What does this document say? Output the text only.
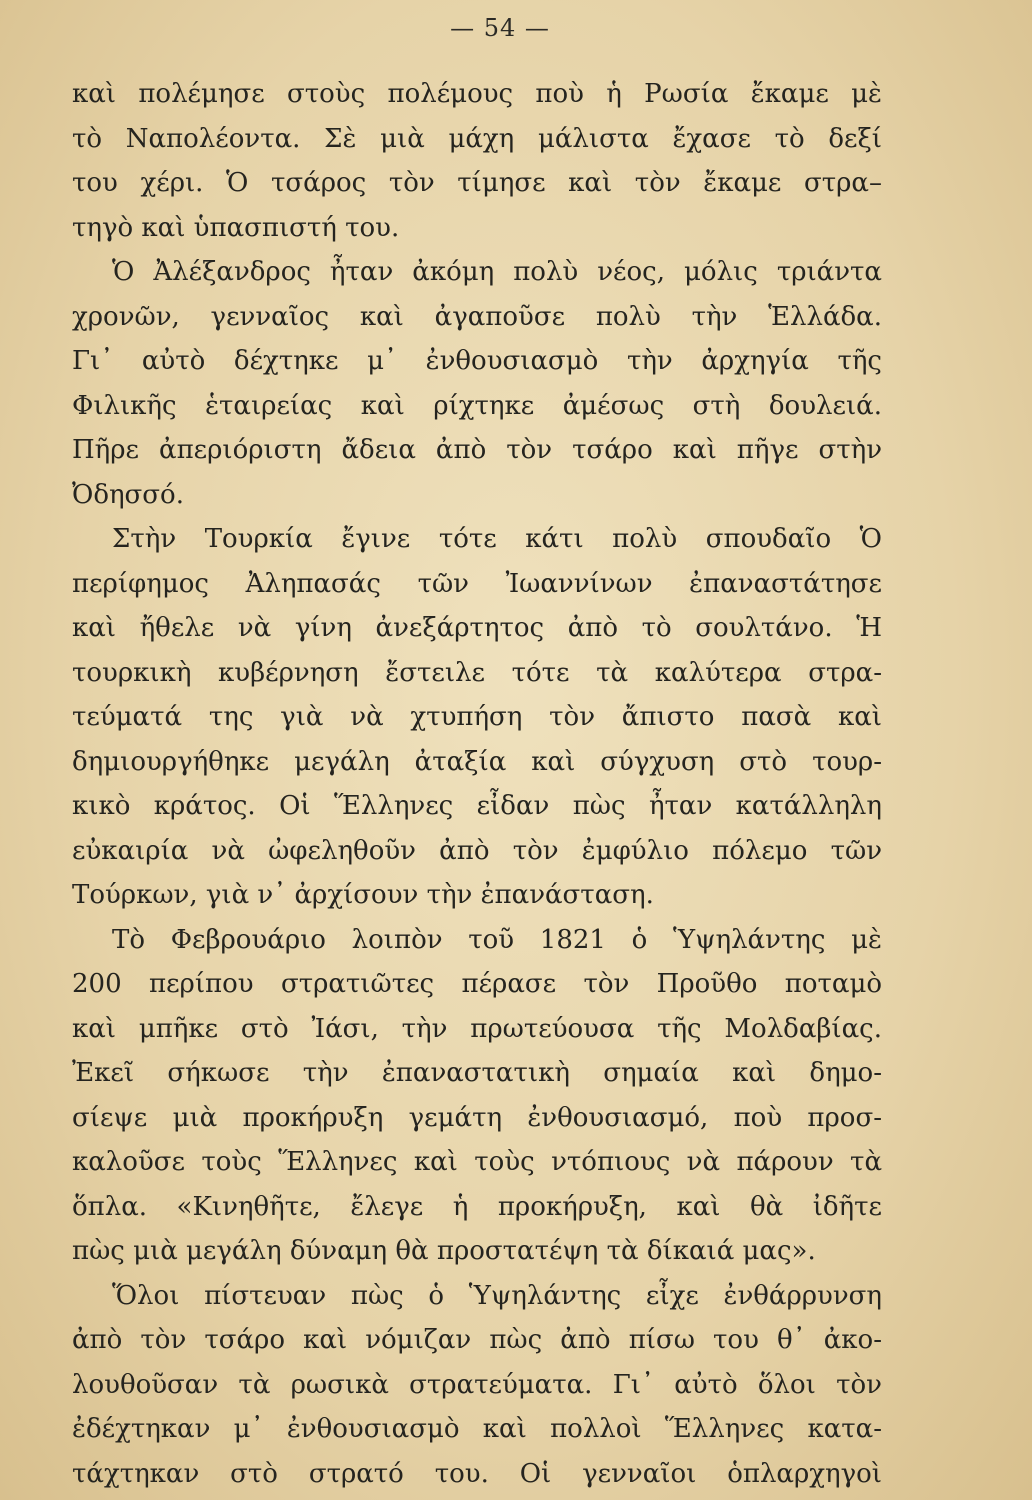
— 54 —
καὶ πολέμησε στοὺς πολέμους ποὺ ἡ Ρωσία ἔκαμε μὲ
τὸ Ναπολέοντα. Σὲ μιὰ μάχη μάλιστα ἔχασε τὸ δεξί
του χέρι. Ὁ τσάρος τὸν τίμησε καὶ τὸν ἔκαμε στρα–
τηγὸ καὶ ὑπασπιστή του.
Ὁ Ἀλέξανδρος ἦταν ἀκόμη πολὺ νέος, μόλις τριάντα
χρονῶν, γενναῖος καὶ ἀγαποῦσε πολὺ τὴν Ἑλλάδα.
Γι᾿ αὐτὸ δέχτηκε μ᾿ ἐνθουσιασμὸ τὴν ἀρχηγία τῆς
Φιλικῆς ἑταιρείας καὶ ρίχτηκε ἀμέσως στὴ δουλειά.
Πῆρε ἀπεριόριστη ἄδεια ἀπὸ τὸν τσάρο καὶ πῆγε στὴν
Ὀδησσό.
Στὴν Τουρκία ἔγινε τότε κάτι πολὺ σπουδαῖο Ὁ
περίφημος Ἀληπασάς τῶν Ἰωαννίνων ἐπαναστάτησε
καὶ ἤθελε νὰ γίνη ἀνεξάρτητος ἀπὸ τὸ σουλτάνο. Ἡ
τουρκικὴ κυβέρνηση ἔστειλε τότε τὰ καλύτερα στρα-
τεύματά της γιὰ νὰ χτυπήση τὸν ἄπιστο πασὰ καὶ
δημιουργήθηκε μεγάλη ἀταξία καὶ σύγχυση στὸ τουρ-
κικὸ κράτος. Οἱ Ἕλληνες εἶδαν πὼς ἦταν κατάλληλη
εὐκαιρία νὰ ὠφεληθοῦν ἀπὸ τὸν ἐμφύλιο πόλεμο τῶν
Τούρκων, γιὰ ν᾿ ἀρχίσουν τὴν ἐπανάσταση.
Τὸ Φεβρουάριο λοιπὸν τοῦ 1821 ὁ Ὑψηλάντης μὲ
200 περίπου στρατιῶτες πέρασε τὸν Προῦθο ποταμὸ
καὶ μπῆκε στὸ Ἰάσι, τὴν πρωτεύουσα τῆς Μολδαβίας.
Ἐκεῖ σήκωσε τὴν ἐπαναστατικὴ σημαία καὶ δημο-
σίεψε μιὰ προκήρυξη γεμάτη ἐνθουσιασμό, ποὺ προσ-
καλοῦσε τοὺς Ἕλληνες καὶ τοὺς ντόπιους νὰ πάρουν τὰ
ὅπλα. «Κινηθῆτε, ἔλεγε ἡ προκήρυξη, καὶ θὰ ἰδῆτε
πὼς μιὰ μεγάλη δύναμη θὰ προστατέψη τὰ δίκαιά μας».
Ὅλοι πίστευαν πὼς ὁ Ὑψηλάντης εἶχε ἐνθάρρυνση
ἀπὸ τὸν τσάρο καὶ νόμιζαν πὼς ἀπὸ πίσω του θ᾿ ἀκο-
λουθοῦσαν τὰ ρωσικὰ στρατεύματα. Γι᾿ αὐτὸ ὅλοι τὸν
ἐδέχτηκαν μ᾿ ἐνθουσιασμὸ καὶ πολλοὶ Ἕλληνες κατα-
τάχτηκαν στὸ στρατό του. Οἱ γενναῖοι ὁπλαρχηγοὶ
